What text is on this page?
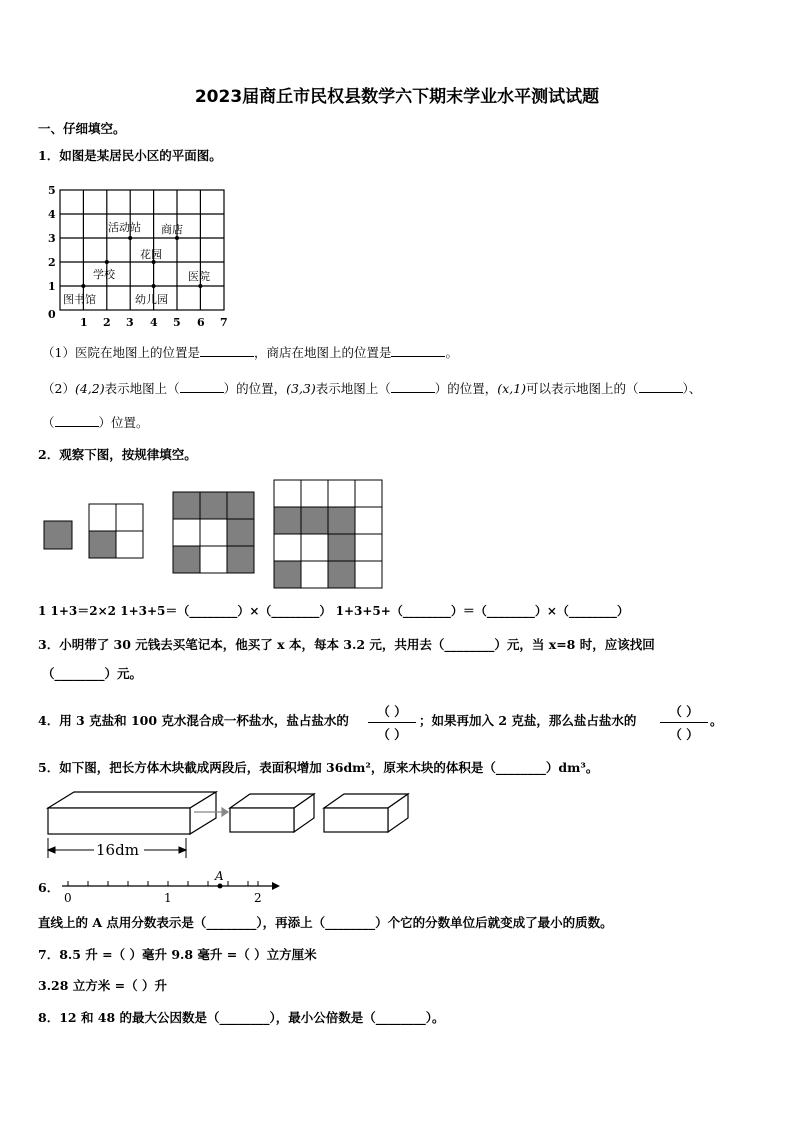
2023届商丘市民权县数学六下期末学业水平测试试题
一、仔细填空。
1．如图是某居民小区的平面图。
5
4
3
2
1
0
1 2 3 4 5 6 7
活动站 商店
花园
学校	医院
图书馆	幼儿园
（1）医院在地图上的位置是	，商店在地图上的位置是	。
（2）(4,2)表示地图上（	）的位置，(3,3)表示地图上（	）的位置，(x,1)可以表示地图上的（	）、
（	）位置。
2．观察下图，按规律填空。
1 1+3＝2×2 1+3+5＝（________）×（________） 1+3+5+（________）＝（________）×（________）
3．小明带了 30 元钱去买笔记本，他买了 x 本，每本 3.2 元，共用去（________）元，当 x=8 时，应该找回
（________）元。
4．用 3 克盐和 100 克水混合成一杯盐水，盐占盐水的
（ ）
（ ）
；如果再加入 2 克盐，那么盐占盐水的
（ ）
（ ）
。
5．如下图，把长方体木块截成两段后，表面积增加 36dm²，原来木块的体积是（________）dm³。
16dm
6．
A
0	1	2
直线上的 A 点用分数表示是（________），再添上（________）个它的分数单位后就变成了最小的质数。
7．8.5 升 =（ ）毫升 9.8 毫升 =（ ）立方厘米
3.28 立方米 =（ ）升
8．12 和 48 的最大公因数是（________），最小公倍数是（________）。
